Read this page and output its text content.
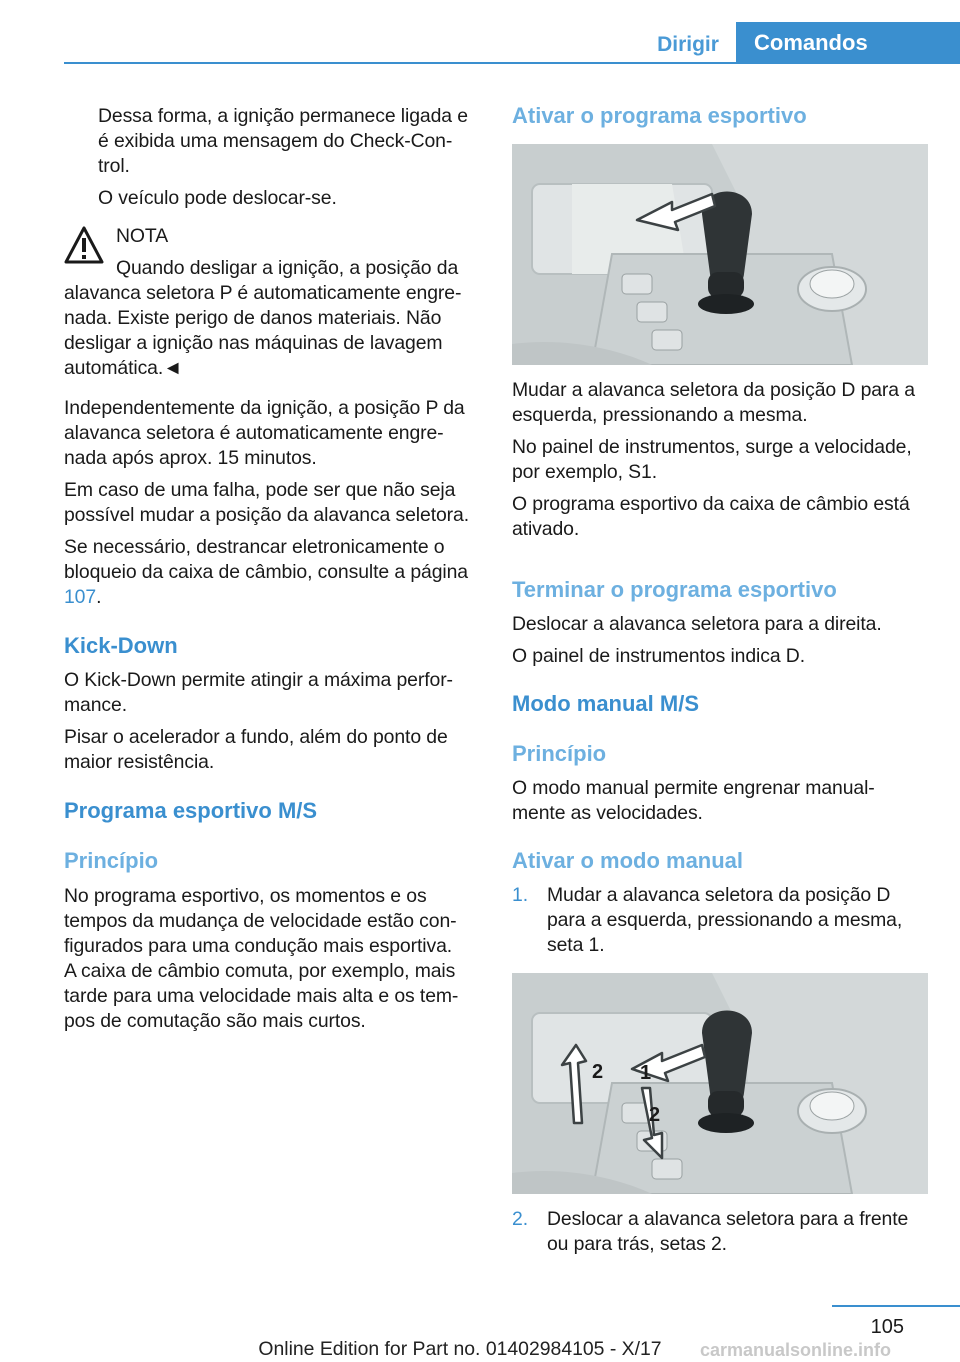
Dirigir	Comandos

Dessa forma, a ignição permanece ligada e

é exibida uma mensagem do Check-Con-

trol.

O veículo pode deslocar-se.

NOTA

Quando desligar a ignição, a posição da

alavanca seletora P é automaticamente engre-

nada. Existe perigo de danos materiais. Não

desligar a ignição nas máquinas de lavagem

automática.◄

Independentemente da ignição, a posição P da

alavanca seletora é automaticamente engre-

nada após aprox. 15 minutos.

Em caso de uma falha, pode ser que não seja

possível mudar a posição da alavanca seletora.

Se necessário, destrancar eletronicamente o

bloqueio da caixa de câmbio, consulte a página

107.

Kick-Down

O Kick-Down permite atingir a máxima perfor-

mance.

Pisar o acelerador a fundo, além do ponto de

maior resistência.

Programa esportivo M/S
Princípio

No programa esportivo, os momentos e os

tempos da mudança de velocidade estão con-

figurados para uma condução mais esportiva.

A caixa de câmbio comuta, por exemplo, mais

tarde para uma velocidade mais alta e os tem-

pos de comutação são mais curtos.

Ativar o programa esportivo

Mudar a alavanca seletora da posição D para a

esquerda, pressionando a mesma.

No painel de instrumentos, surge a velocidade,

por exemplo, S1.

O programa esportivo da caixa de câmbio está

ativado.

Terminar o programa esportivo

Deslocar a alavanca seletora para a direita.

O painel de instrumentos indica D.

Modo manual M/S
Princípio

O modo manual permite engrenar manual-

mente as velocidades.

Ativar o modo manual
1. Mudar a alavanca seletora da posição D

para a esquerda, pressionando a mesma,

seta 1.

1
2
2
2. Deslocar a alavanca seletora para a frente

ou para trás, setas 2.

105
Online Edition for Part no. 01402984105 - X/17	carmanualsonline.info
